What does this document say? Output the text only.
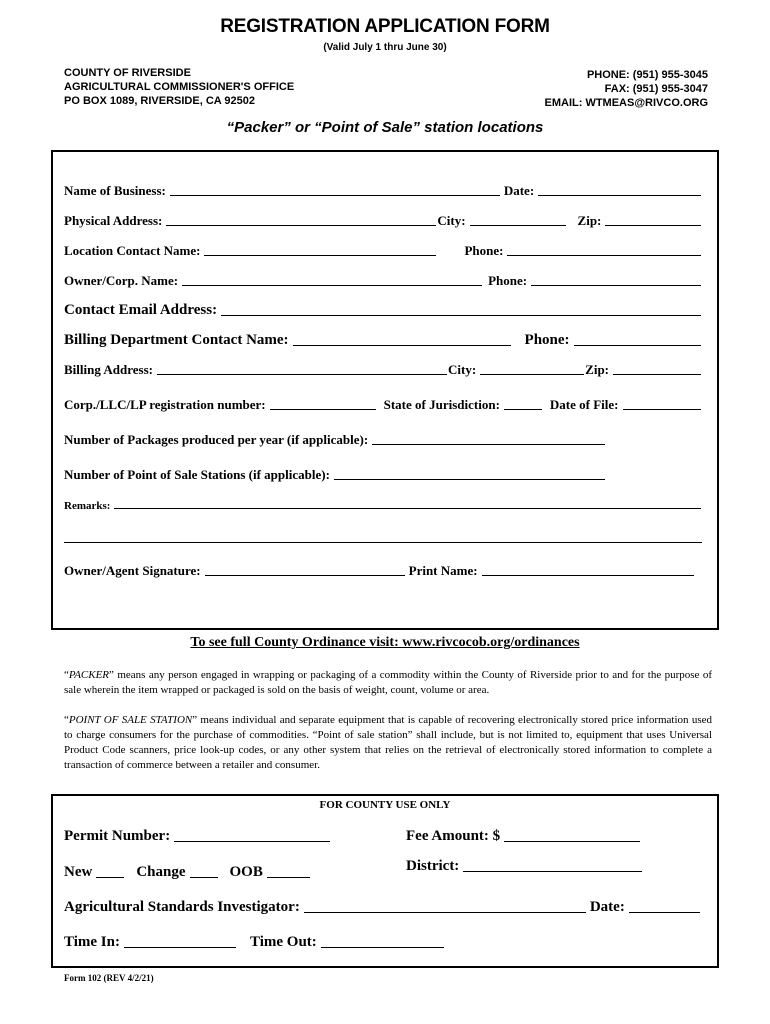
REGISTRATION APPLICATION FORM
(Valid July 1 thru June 30)
COUNTY OF RIVERSIDE
AGRICULTURAL COMMISSIONER'S OFFICE
PO BOX 1089, RIVERSIDE, CA 92502
PHONE: (951) 955-3045
FAX: (951) 955-3047
EMAIL: WTMEAS@RIVCO.ORG
“Packer” or “Point of Sale” station locations
Name of Business:	Date:
Physical Address:	City:	Zip:
Location Contact Name:	Phone:
Owner/Corp. Name:	Phone:
Contact Email Address:
Billing Department Contact Name:	Phone:
Billing Address:	City:	Zip:
Corp./LLC/LP registration number:	State of Jurisdiction:	Date of File:
Number of Packages produced per year (if applicable):
Number of Point of Sale Stations (if applicable):
Remarks:
Owner/Agent Signature:	Print Name:
To see full County Ordinance visit: www.rivcocob.org/ordinances
“PACKER” means any person engaged in wrapping or packaging of a commodity within the County of Riverside prior to and for the purpose of sale wherein the item wrapped or packaged is sold on the basis of weight, count, volume or area.
“POINT OF SALE STATION” means individual and separate equipment that is capable of recovering electronically stored price information used to charge consumers for the purchase of commodities. “Point of sale station” shall include, but is not limited to, equipment that uses Universal Product Code scanners, price look-up codes, or any other system that relies on the retrieval of electronically stored information to complete a transaction of commerce between a retailer and consumer.
FOR COUNTY USE ONLY
Permit Number:	Fee Amount: $
New	Change	OOB	District:
Agricultural Standards Investigator:	Date:
Time In:	Time Out:
Form 102 (REV 4/2/21)
